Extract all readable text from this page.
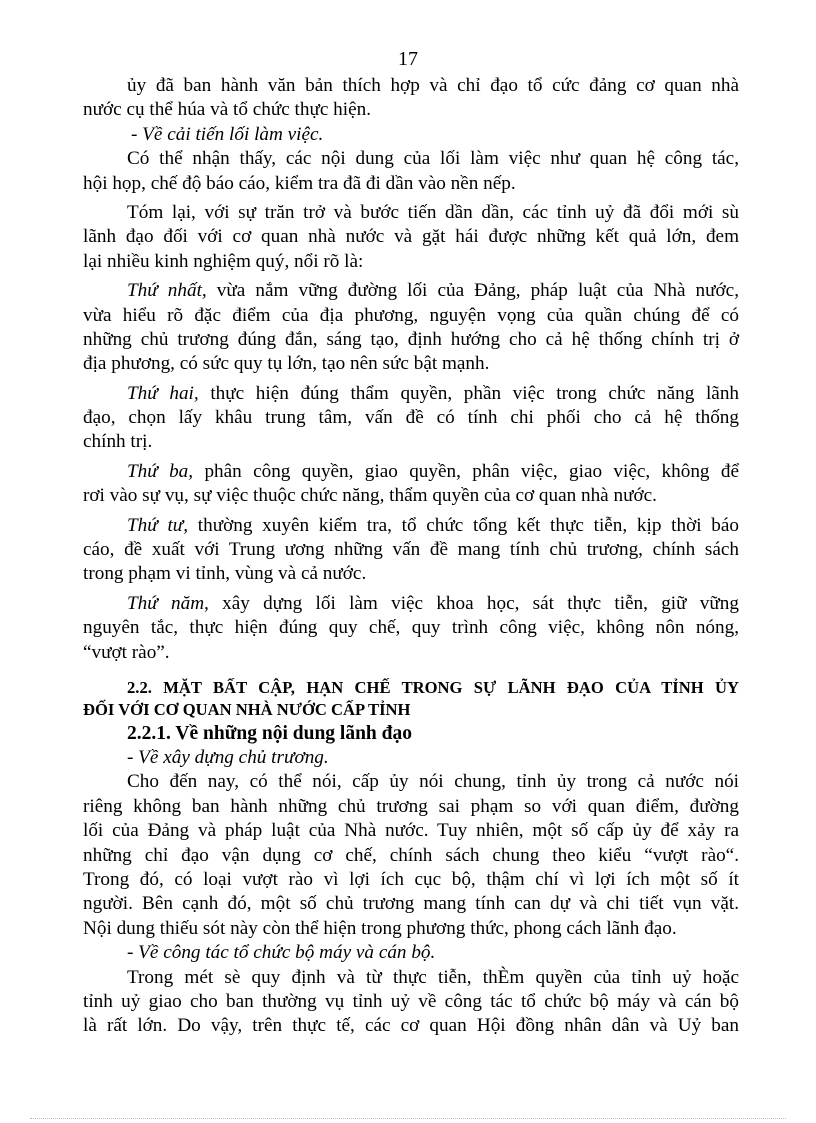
17
ủy đã ban hành văn bản thích hợp và chỉ đạo tổ cức đảng cơ quan nhà
nước cụ thể húa và tổ chức thực hiện.
- Về cải tiến lối làm việc.
Có thể nhận thấy, các nội dung của lối làm việc như quan hệ công tác,
hội họp, chế độ báo cáo, kiểm tra đã đi dần vào nền nếp.
Tóm lại, với sự trăn trở và bước tiến dần dần, các tỉnh uỷ đã đổi mới sù
lãnh đạo đối với cơ quan nhà nước và gặt hái được những kết quả lớn, đem
lại nhiều kinh nghiệm quý, nổi rõ là:
Thứ nhất, vừa nắm vững đường lối của Đảng, pháp luật của Nhà nước,
vừa hiểu rõ đặc điểm của địa phương, nguyện vọng của quần chúng để có
những chủ trương đúng đắn, sáng tạo, định hướng cho cả hệ thống chính trị ở
địa phương, có sức quy tụ lớn, tạo nên sức bật mạnh.
Thứ hai, thực hiện đúng thẩm quyền, phần việc trong chức năng lãnh
đạo, chọn lấy khâu trung tâm, vấn đề có tính chi phối cho cả hệ thống
chính trị.
Thứ ba, phân công quyền, giao quyền, phân việc, giao việc, không để
rơi vào sự vụ, sự việc thuộc chức năng, thẩm quyền của cơ quan nhà nước.
Thứ tư, thường xuyên kiểm tra, tổ chức tổng kết thực tiễn, kịp thời báo
cáo, đề xuất với Trung ương những vấn đề mang tính chủ trương, chính sách
trong phạm vi tỉnh, vùng và cả nước.
Thứ năm, xây dựng lối làm việc khoa học, sát thực tiễn, giữ vững
nguyên tắc, thực hiện đúng quy chế, quy trình công việc, không nôn nóng,
“vượt rào”.
2.2. MẶT BẤT CẬP, HẠN CHẾ TRONG SỰ LÃNH ĐẠO CỦA TỈNH ỦY
ĐỐI VỚI CƠ QUAN NHÀ NƯỚC CẤP TỈNH
2.2.1. Về những nội dung lãnh đạo
- Về xây dựng chủ trương.
Cho đến nay, có thể nói, cấp ủy nói chung, tỉnh ủy trong cả nước nói
riêng không ban hành những chủ trương sai phạm so với quan điểm, đường
lối của Đảng và pháp luật của Nhà nước. Tuy nhiên, một số cấp ủy để xảy ra
những chỉ đạo vận dụng cơ chế, chính sách chung theo kiểu “vượt rào“.
Trong đó, có loại vượt rào vì lợi ích cục bộ, thậm chí vì lợi ích một số ít
người. Bên cạnh đó, một số chủ trương mang tính can dự và chi tiết vụn vặt.
Nội dung thiếu sót này còn thể hiện trong phương thức, phong cách lãnh đạo.
- Về công tác tổ chức bộ máy và cán bộ.
Trong mét sè quy định và từ thực tiễn, thÈm quyền của tỉnh uỷ hoặc
tỉnh uỷ giao cho ban thường vụ tỉnh uỷ về công tác tổ chức bộ máy và cán bộ
là rất lớn. Do vậy, trên thực tế, các cơ quan Hội đồng nhân dân và Uỷ ban
